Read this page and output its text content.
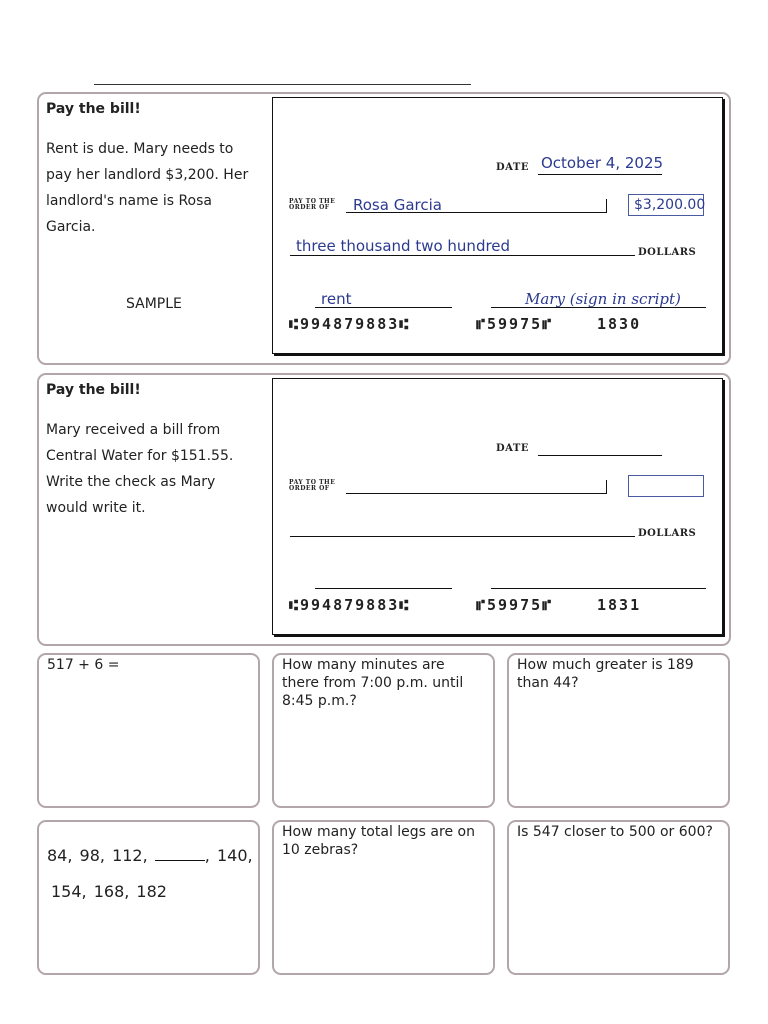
Pay the bill!
Rent is due. Mary needs to pay her landlord $3,200. Her landlord's name is Rosa Garcia.
SAMPLE
DATE October 4, 2025
PAY TO THE
ORDER OF	Rosa Garcia	$3,200.00
three thousand two hundred	DOLLARS
rent	Mary (sign in script)
⑆994879883⑆	⑈59975⑈	1830
Pay the bill!
Mary received a bill from Central Water for $151.55. Write the check as Mary would write it.
DATE
PAY TO THE
ORDER OF
DOLLARS
⑆994879883⑆	⑈59975⑈	1831
517 + 6 =	How many minutes are there from 7:00 p.m. until 8:45 p.m.?
How much greater is 189 than 44?
84, 98, 112,	, 140,
154, 168, 182
How many total legs are on 10 zebras?
Is 547 closer to 500 or 600?
